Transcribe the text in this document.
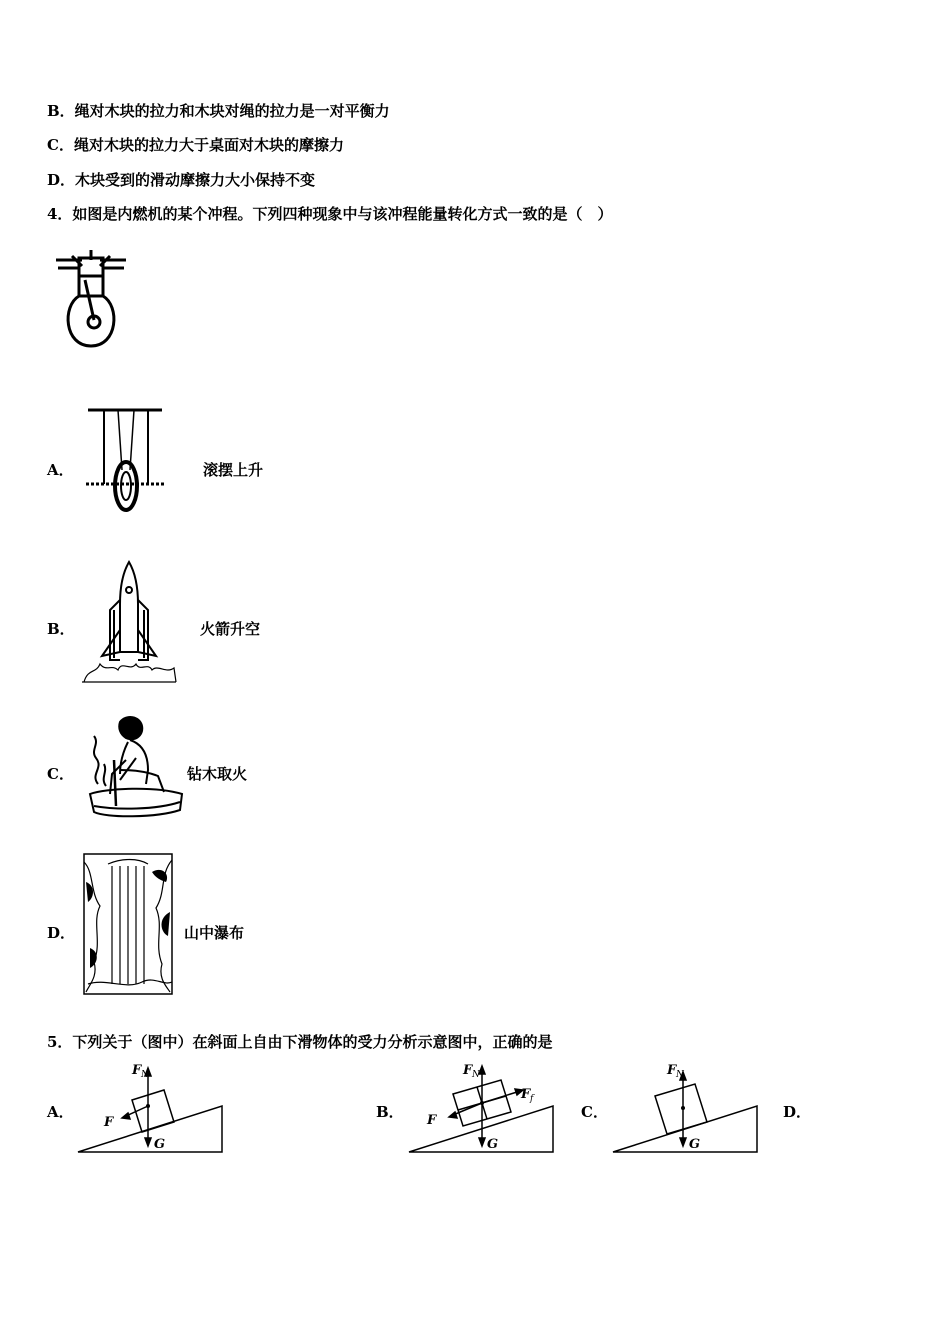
B．绳对木块的拉力和木块对绳的拉力是一对平衡力
C．绳对木块的拉力大于桌面对木块的摩擦力
D．木块受到的滑动摩擦力大小保持不变
4．如图是内燃机的某个冲程。下列四种现象中与该冲程能量转化方式一致的是（　）
A．	滚摆上升
B．	火箭升空
C．	钻木取火
D．	山中瀑布
5．下列关于（图中）在斜面上自由下滑物体的受力分析示意图中，正确的是
A．
F N
F
G
B．
F N
F f
F
G
C．
F N
G
D．
